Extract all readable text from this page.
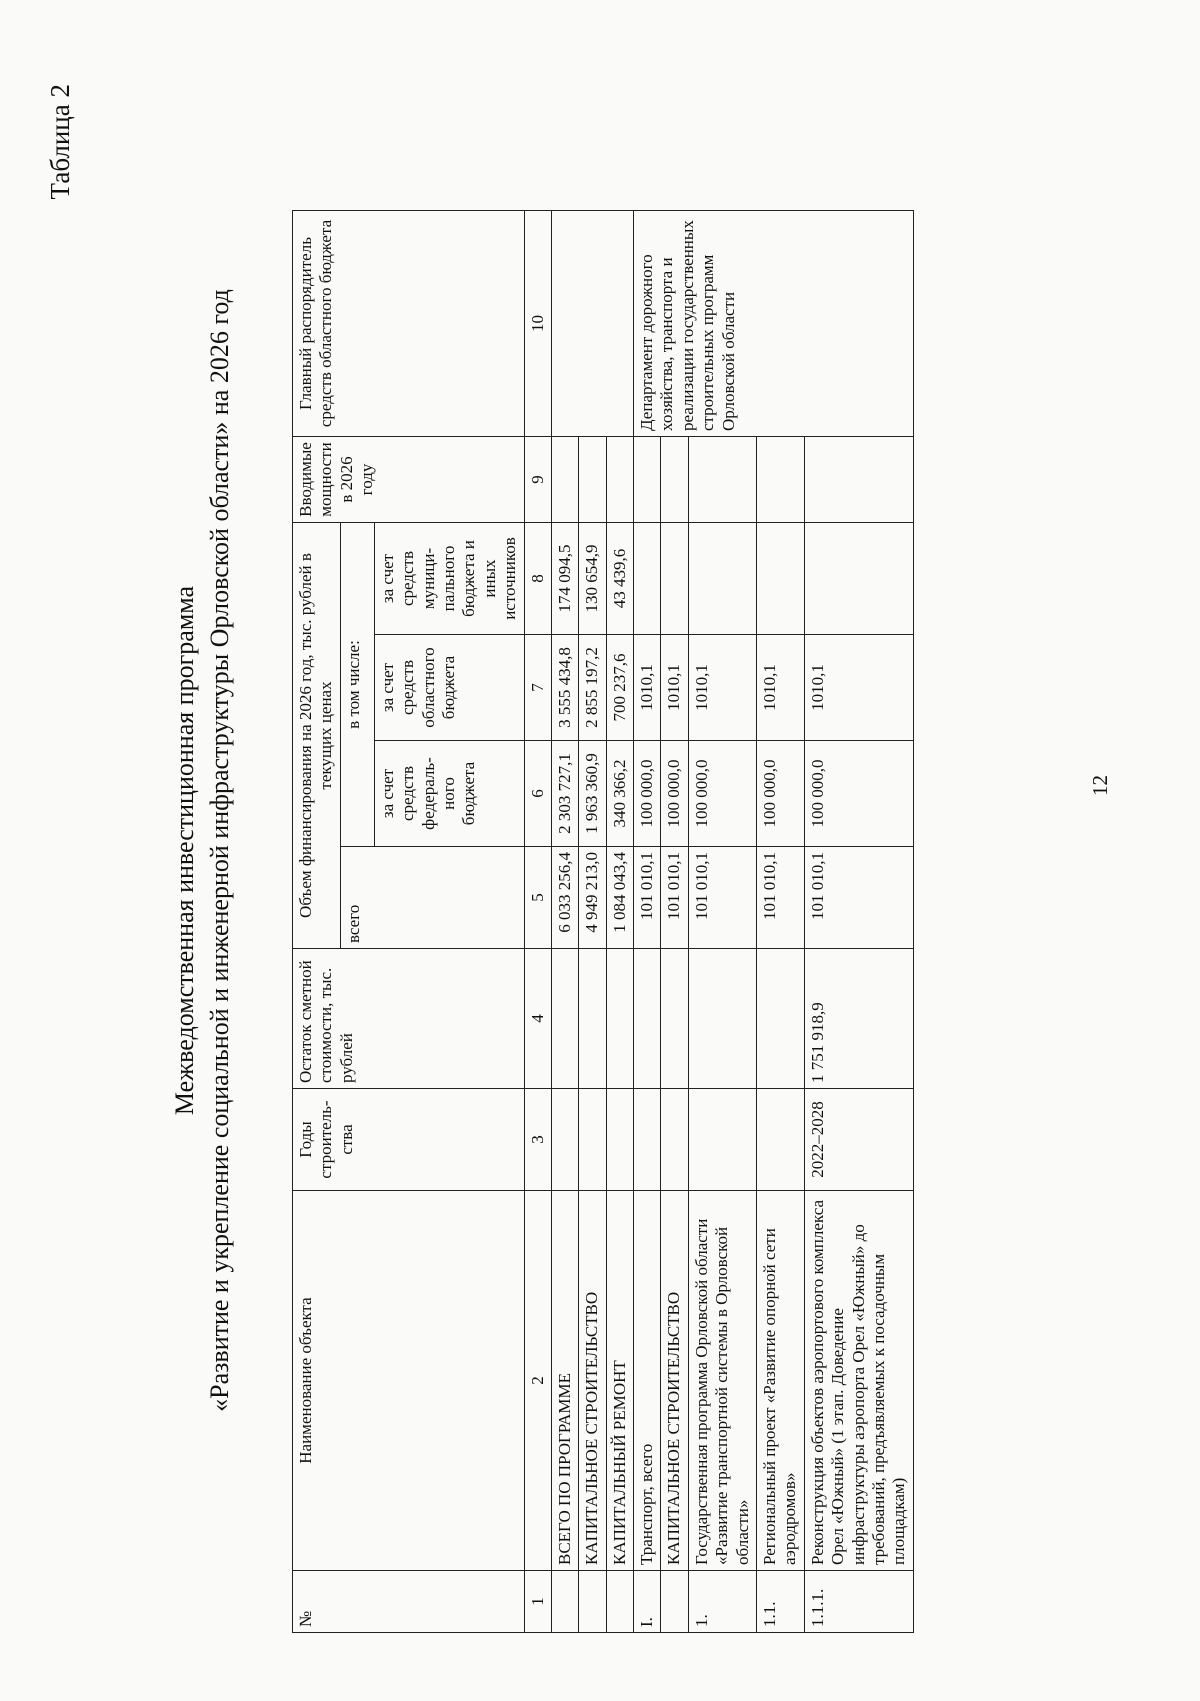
Таблица 2
12
Межведомственная инвестиционная программа «Развитие и укрепление социальной и инженерной инфраструктуры Орловской области» на 2026 год
№	Наименование объекта	Годы строитель-ства	Остаток сметной стоимости, тыс. рублей	Объем финансирования на 2026 год, тыс. рублей в текущих ценах				Вводимые мощности в 2026 году	Главный распорядитель средств областного бюджета
				всего	в том числе:				
					за счет средств федераль-ного бюджета	за счет средств областного бюджета	за счет средств муници-пального бюджета и иных источников		
1	2	3	4	5	6	7	8	9	10
	ВСЕГО ПО ПРОГРАММЕ			6 033 256,4	2 303 727,1	3 555 434,8	174 094,5		
	КАПИТАЛЬНОЕ СТРОИТЕЛЬСТВО			4 949 213,0	1 963 360,9	2 855 197,2	130 654,9		
	КАПИТАЛЬНЫЙ РЕМОНТ			1 084 043,4	340 366,2	700 237,6	43 439,6		
I.	Транспорт, всего			101 010,1	100 000,0	1010,1			Департамент дорожного хозяйства, транспорта и реализации государственных строительных программ Орловской области
	КАПИТАЛЬНОЕ СТРОИТЕЛЬСТВО			101 010,1	100 000,0	1010,1			
1.	Государственная программа Орловской области «Развитие транспортной системы в Орловской области»			101 010,1	100 000,0	1010,1			
1.1.	Региональный проект «Развитие опорной сети аэродромов»			101 010,1	100 000,0	1010,1			
1.1.1.	Реконструкция объектов аэропортового комплекса Орел «Южный» (1 этап. Доведение инфраструктуры аэропорта Орел «Южный» до требований, предъявляемых к посадочным площадкам)	2022–2028	1 751 918,9	101 010,1	100 000,0	1010,1			
